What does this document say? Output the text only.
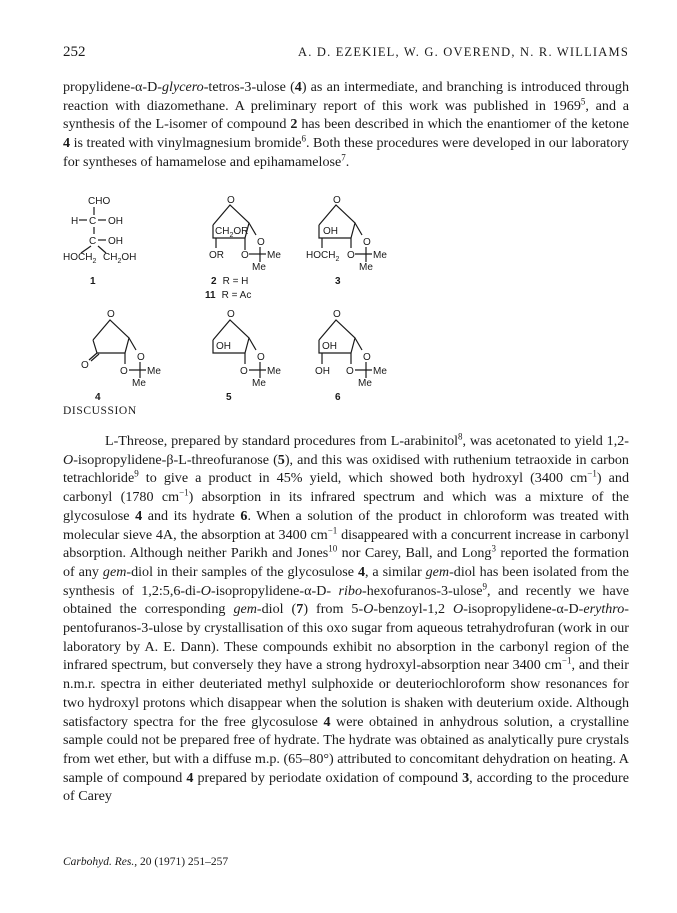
252	A. D. EZEKIEL, W. G. OVEREND, N. R. WILLIAMS

propylidene-α-D-glycero-tetros-3-ulose (4) as an intermediate, and branching is introduced through reaction with diazomethane. A preliminary report of this work was published in 1969$^5$, and a synthesis of the L-isomer of compound 2 has been described in which the enantiomer of the ketone 4 is treated with vinylmagnesium bromide$^6$. Both these procedures were developed in our laboratory for syntheses of hamamelose and epihamamelose$^7$.

CHO
H C OH
C OH
$HOCH_2$ $CH_2OH$
1
O
O
$CH_2OR$
OR O Me
Me
2 R = H
11 R = Ac
O
O
OH
$HOCH_2$ O Me
Me
3
O
O
O
O Me
Me
4
O
OH
O
O Me
Me
5
O
OH
O
OH O Me
Me
6
DISCUSSION

L-Threose, prepared by standard procedures from L-arabinitol$^8$, was acetonated to yield 1,2-O-isopropylidene-β-L-threofuranose (5), and this was oxidised with ruthenium tetraoxide in carbon tetrachloride$^9$ to give a product in 45% yield, which showed both hydroxyl (3400 $cm^{-1}$) and carbonyl (1780 $cm^{-1}$) absorption in its infrared spectrum and which was a mixture of the glycosulose 4 and its hydrate 6. When a solution of the product in chloroform was treated with molecular sieve 4A, the absorption at 3400 $cm^{-1}$ disappeared with a concurrent increase in carbonyl absorption. Although neither Parikh and Jones$^{10}$ nor Carey, Ball, and Long$^3$ reported the formation of any gem-diol in their samples of the glycosulose 4, a similar gem-diol has been isolated from the synthesis of 1,2:5,6-di-O-isopropylidene-α-D- ribo-hexofuranos-3-ulose$^9$, and recently we have obtained the corresponding gem-diol (7) from 5-O-benzoyl-1,2 O-isopropylidene-α-D-erythro-pentofuranos-3-ulose by crystallisation of this oxo sugar from aqueous tetrahydrofuran (work in our laboratory by A. E. Dann). These compounds exhibit no absorption in the carbonyl region of the infrared spectrum, but conversely they have a strong hydroxyl-absorption near 3400 $cm^{-1}$, and their n.m.r. spectra in either deuteriated methyl sulphoxide or deuteriochloroform show resonances for two hydroxyl protons which disappear when the solution is shaken with deuterium oxide. Although satisfactory spectra for the free glycosulose 4 were obtained in anhydrous solution, a crystalline sample could not be prepared free of hydrate. The hydrate was obtained as analytically pure crystals from wet ether, but with a diffuse m.p. (65–80°) attributed to concomitant dehydration on heating. A sample of compound 4 prepared by periodate oxidation of compound 3, according to the procedure of Carey

Carbohyd. Res., 20 (1971) 251–257
